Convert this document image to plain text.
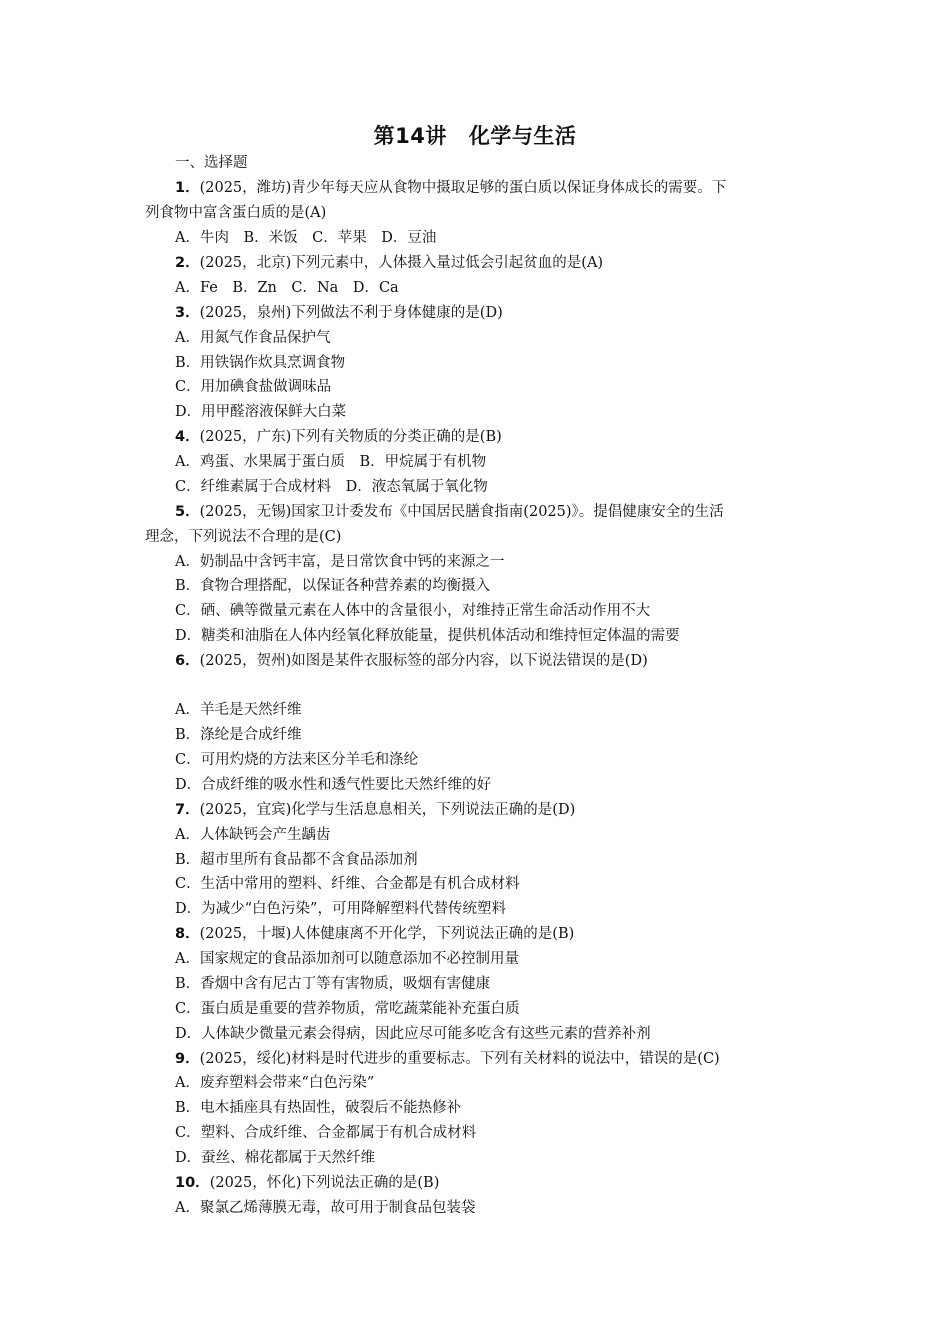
第14讲 化学与生活
一、选择题
1．(2025，潍坊)青少年每天应从食物中摄取足够的蛋白质以保证身体成长的需要。下
列食物中富含蛋白质的是(A)
A．牛肉　B．米饭　C．苹果　D．豆油
2．(2025，北京)下列元素中，人体摄入量过低会引起贫血的是(A)
A．Fe　B．Zn　C．Na　D．Ca
3．(2025，泉州)下列做法不利于身体健康的是(D)
A．用氮气作食品保护气
B．用铁锅作炊具烹调食物
C．用加碘食盐做调味品
D．用甲醛溶液保鲜大白菜
4．(2025，广东)下列有关物质的分类正确的是(B)
A．鸡蛋、水果属于蛋白质　B．甲烷属于有机物
C．纤维素属于合成材料　D．液态氧属于氧化物
5．(2025，无锡)国家卫计委发布《中国居民膳食指南(2025)》。提倡健康安全的生活
理念，下列说法不合理的是(C)
A．奶制品中含钙丰富，是日常饮食中钙的来源之一
B．食物合理搭配，以保证各种营养素的均衡摄入
C．硒、碘等微量元素在人体中的含量很小，对维持正常生命活动作用不大
D．糖类和油脂在人体内经氧化释放能量，提供机体活动和维持恒定体温的需要
6．(2025，贺州)如图是某件衣服标签的部分内容，以下说法错误的是(D)
A．羊毛是天然纤维
B．涤纶是合成纤维
C．可用灼烧的方法来区分羊毛和涤纶
D．合成纤维的吸水性和透气性要比天然纤维的好
7．(2025，宜宾)化学与生活息息相关，下列说法正确的是(D)
A．人体缺钙会产生龋齿
B．超市里所有食品都不含食品添加剂
C．生活中常用的塑料、纤维、合金都是有机合成材料
D．为减少“白色污染”，可用降解塑料代替传统塑料
8．(2025，十堰)人体健康离不开化学，下列说法正确的是(B)
A．国家规定的食品添加剂可以随意添加不必控制用量
B．香烟中含有尼古丁等有害物质，吸烟有害健康
C．蛋白质是重要的营养物质，常吃蔬菜能补充蛋白质
D．人体缺少微量元素会得病，因此应尽可能多吃含有这些元素的营养补剂
9．(2025，绥化)材料是时代进步的重要标志。下列有关材料的说法中，错误的是(C)
A．废弃塑料会带来“白色污染”
B．电木插座具有热固性，破裂后不能热修补
C．塑料、合成纤维、合金都属于有机合成材料
D．蚕丝、棉花都属于天然纤维
10．(2025，怀化)下列说法正确的是(B)
A．聚氯乙烯薄膜无毒，故可用于制食品包装袋
